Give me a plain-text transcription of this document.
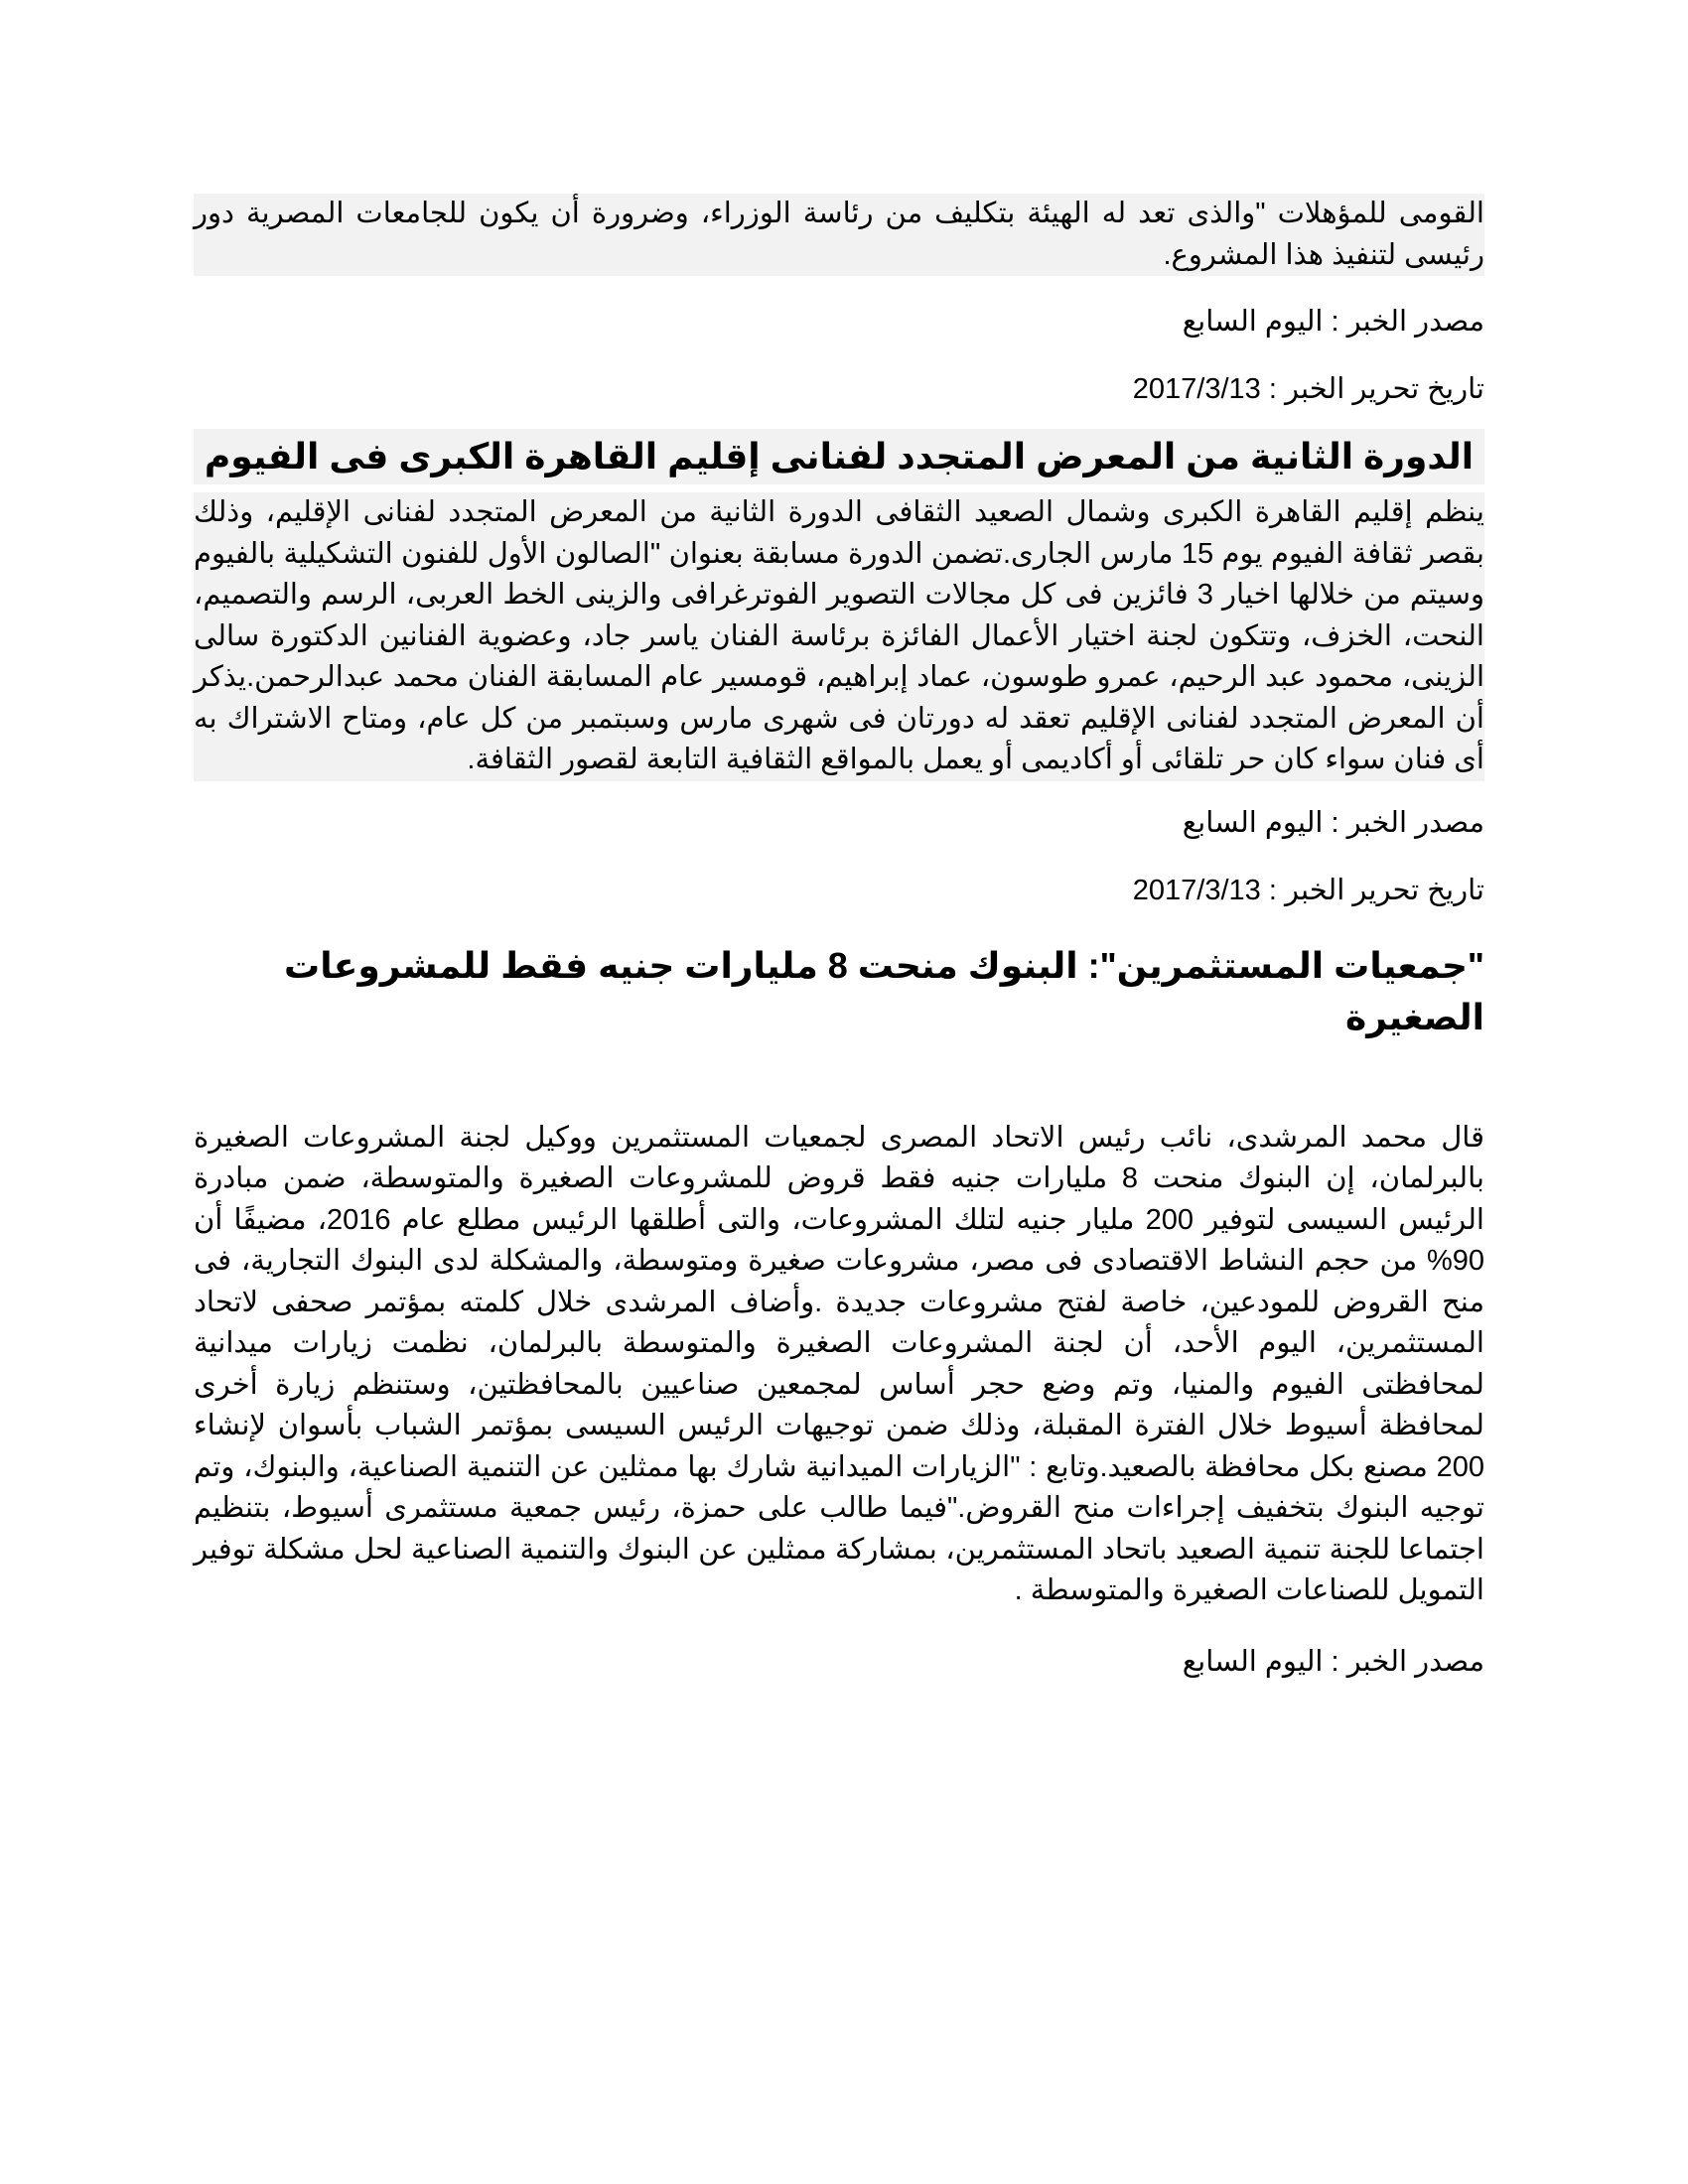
القومى للمؤهلات "والذى تعد له الهيئة بتكليف من رئاسة الوزراء، وضرورة أن يكون للجامعات المصرية دور رئيسى لتنفيذ هذا المشروع.

مصدر الخبر : اليوم السابع

تاريخ تحرير الخبر : 2017/3/13

الدورة الثانية من المعرض المتجدد لفنانى إقليم القاهرة الكبرى فى الفيوم

ينظم إقليم القاهرة الكبرى وشمال الصعيد الثقافى الدورة الثانية من المعرض المتجدد لفنانى الإقليم، وذلك بقصر ثقافة الفيوم يوم 15 مارس الجارى.تضمن الدورة مسابقة بعنوان "الصالون الأول للفنون التشكيلية بالفيوم وسيتم من خلالها اخيار 3 فائزين فى كل مجالات التصوير الفوترغرافى والزينى الخط العربى، الرسم والتصميم، النحت، الخزف، وتتكون لجنة اختيار الأعمال الفائزة برئاسة الفنان ياسر جاد، وعضوية الفنانين الدكتورة سالى الزينى، محمود عبد الرحيم، عمرو طوسون، عماد إبراهيم، قومسير عام المسابقة الفنان محمد عبدالرحمن.يذكر أن المعرض المتجدد لفنانى الإقليم تعقد له دورتان فى شهرى مارس وسبتمبر من كل عام، ومتاح الاشتراك به أى فنان سواء كان حر تلقائى أو أكاديمى أو يعمل بالمواقع الثقافية التابعة لقصور الثقافة.

مصدر الخبر : اليوم السابع

تاريخ تحرير الخبر : 2017/3/13

"جمعيات المستثمرين": البنوك منحت 8 مليارات جنيه فقط للمشروعات الصغيرة

قال محمد المرشدى، نائب رئيس الاتحاد المصرى لجمعيات المستثمرين ووكيل لجنة المشروعات الصغيرة بالبرلمان، إن البنوك منحت 8 مليارات جنيه فقط قروض للمشروعات الصغيرة والمتوسطة، ضمن مبادرة الرئيس السيسى لتوفير 200 مليار جنيه لتلك المشروعات، والتى أطلقها الرئيس مطلع عام 2016، مضيفًا أن 90% من حجم النشاط الاقتصادى فى مصر، مشروعات صغيرة ومتوسطة، والمشكلة لدى البنوك التجارية، فى منح القروض للمودعين، خاصة لفتح مشروعات جديدة .وأضاف المرشدى خلال كلمته بمؤتمر صحفى لاتحاد المستثمرين، اليوم الأحد، أن لجنة المشروعات الصغيرة والمتوسطة بالبرلمان، نظمت زيارات ميدانية لمحافظتى الفيوم والمنيا، وتم وضع حجر أساس لمجمعين صناعيين بالمحافظتين، وستنظم زيارة أخرى لمحافظة أسيوط خلال الفترة المقبلة، وذلك ضمن توجيهات الرئيس السيسى بمؤتمر الشباب بأسوان لإنشاء 200 مصنع بكل محافظة بالصعيد.وتابع : "الزيارات الميدانية شارك بها ممثلين عن التنمية الصناعية، والبنوك، وتم توجيه البنوك بتخفيف إجراءات منح القروض."فيما طالب على حمزة، رئيس جمعية مستثمرى أسيوط، بتنظيم اجتماعا للجنة تنمية الصعيد باتحاد المستثمرين، بمشاركة ممثلين عن البنوك والتنمية الصناعية لحل مشكلة توفير التمويل للصناعات الصغيرة والمتوسطة .

مصدر الخبر : اليوم السابع
